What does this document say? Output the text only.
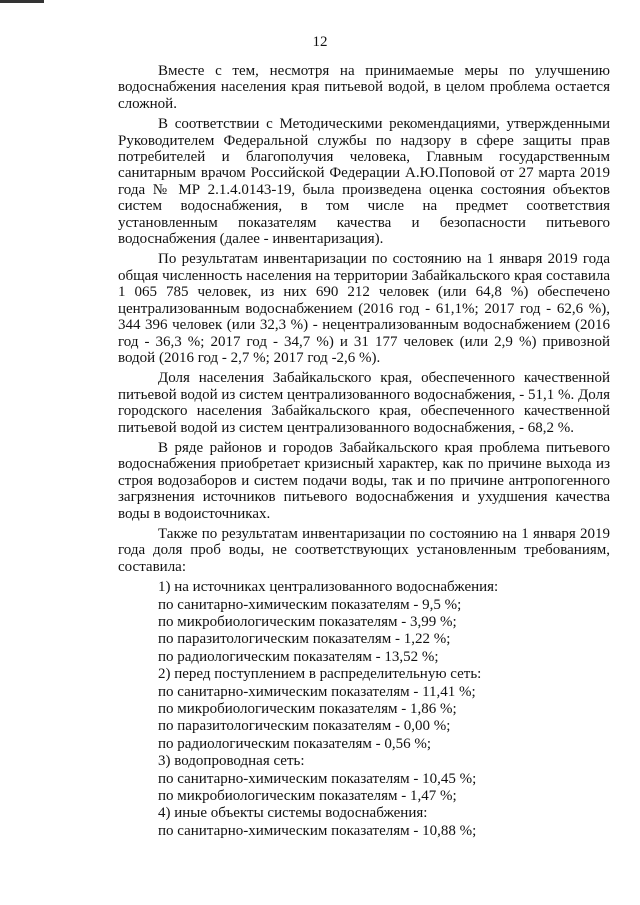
12

Вместе с тем, несмотря на принимаемые меры по улучшению водоснабжения населения края питьевой водой, в целом проблема остается сложной.

В соответствии с Методическими рекомендациями, утвержденными Руководителем Федеральной службы по надзору в сфере защиты прав потребителей и благополучия человека, Главным государственным санитарным врачом Российской Федерации А.Ю.Поповой от 27 марта 2019 года № МР 2.1.4.0143-19, была произведена оценка состояния объектов систем водоснабжения, в том числе на предмет соответствия установленным показателям качества и безопасности питьевого водоснабжения (далее - инвентаризация).

По результатам инвентаризации по состоянию на 1 января 2019 года общая численность населения на территории Забайкальского края составила 1 065 785 человек, из них 690 212 человек (или 64,8 %) обеспечено централизованным водоснабжением (2016 год - 61,1%; 2017 год - 62,6 %), 344 396 человек (или 32,3 %) - нецентрализованным водоснабжением (2016 год - 36,3 %; 2017 год - 34,7 %) и 31 177 человек (или 2,9 %) привозной водой (2016 год - 2,7 %; 2017 год -2,6 %).

Доля населения Забайкальского края, обеспеченного качественной питьевой водой из систем централизованного водоснабжения, - 51,1 %. Доля городского населения Забайкальского края, обеспеченного качественной питьевой водой из систем централизованного водоснабжения, - 68,2 %.

В ряде районов и городов Забайкальского края проблема питьевого водоснабжения приобретает кризисный характер, как по причине выхода из строя водозаборов и систем подачи воды, так и по причине антропогенного загрязнения источников питьевого водоснабжения и ухудшения качества воды в водоисточниках.

Также по результатам инвентаризации по состоянию на 1 января 2019 года доля проб воды, не соответствующих установленным требованиям, составила:

1) на источниках централизованного водоснабжения:
по санитарно-химическим показателям - 9,5 %;
по микробиологическим показателям - 3,99 %;
по паразитологическим показателям - 1,22 %;
по радиологическим показателям - 13,52 %;
2) перед поступлением в распределительную сеть:
по санитарно-химическим показателям - 11,41 %;
по микробиологическим показателям - 1,86 %;
по паразитологическим показателям - 0,00 %;
по радиологическим показателям - 0,56 %;
3) водопроводная сеть:
по санитарно-химическим показателям - 10,45 %;
по микробиологическим показателям - 1,47 %;
4) иные объекты системы водоснабжения:
по санитарно-химическим показателям - 10,88 %;
